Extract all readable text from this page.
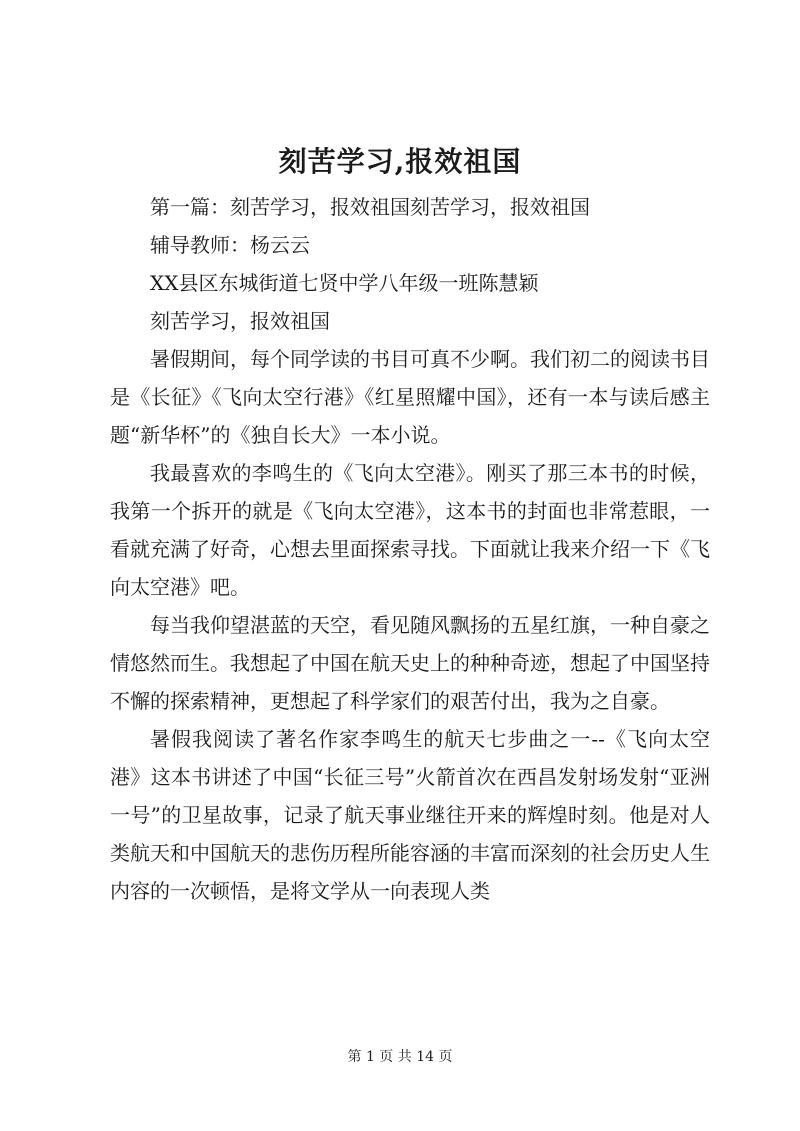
刻苦学习,报效祖国

第一篇：刻苦学习，报效祖国刻苦学习，报效祖国

辅导教师：杨云云

XX县区东城街道七贤中学八年级一班陈慧颖

刻苦学习，报效祖国

暑假期间，每个同学读的书目可真不少啊。我们初二的阅读书目是《长征》《飞向太空行港》《红星照耀中国》，还有一本与读后感主题“新华杯”的《独自长大》一本小说。

我最喜欢的李鸣生的《飞向太空港》。刚买了那三本书的时候，我第一个拆开的就是《飞向太空港》，这本书的封面也非常惹眼，一看就充满了好奇，心想去里面探索寻找。下面就让我来介绍一下《飞向太空港》吧。

每当我仰望湛蓝的天空，看见随风飘扬的五星红旗，一种自豪之情悠然而生。我想起了中国在航天史上的种种奇迹，想起了中国坚持不懈的探索精神，更想起了科学家们的艰苦付出，我为之自豪。

暑假我阅读了著名作家李鸣生的航天七步曲之一--《飞向太空港》这本书讲述了中国“长征三号”火箭首次在西昌发射场发射“亚洲一号”的卫星故事，记录了航天事业继往开来的辉煌时刻。他是对人类航天和中国航天的悲伤历程所能容涵的丰富而深刻的社会历史人生内容的一次顿悟，是将文学从一向表现人类

第 1 页 共 14 页
